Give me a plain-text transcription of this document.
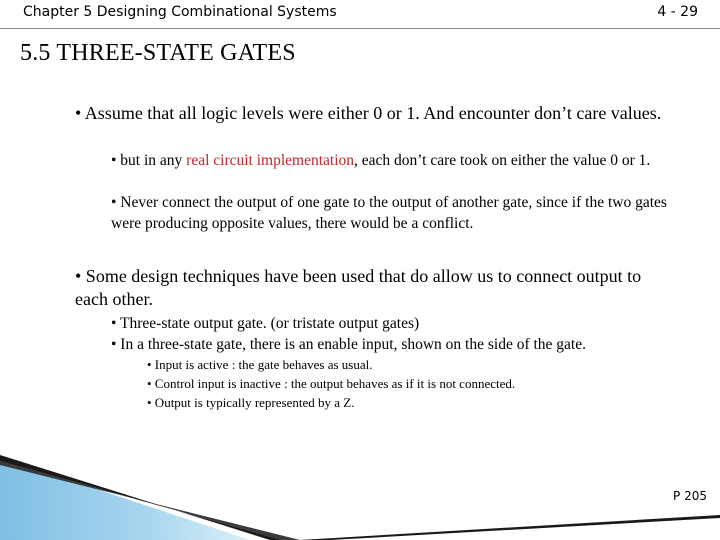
Chapter 5 Designing Combinational Systems	4 - 29
5.5 THREE-STATE GATES
• Assume that all logic levels were either 0 or 1. And encounter don’t care values.
• but in any real circuit implementation, each don’t care took on either the value 0 or 1.
• Never connect the output of one gate to the output of another gate, since if the two gates were producing opposite values, there would be a conflict.
• Some design techniques have been used that do allow us to connect output to each other.
• Three-state output gate. (or tristate output gates)
• In a three-state gate, there is an enable input, shown on the side of the gate.
• Input is active : the gate behaves as usual.
• Control input is inactive : the output behaves as if it is not connected.
• Output is typically represented by a Z.
P 205
